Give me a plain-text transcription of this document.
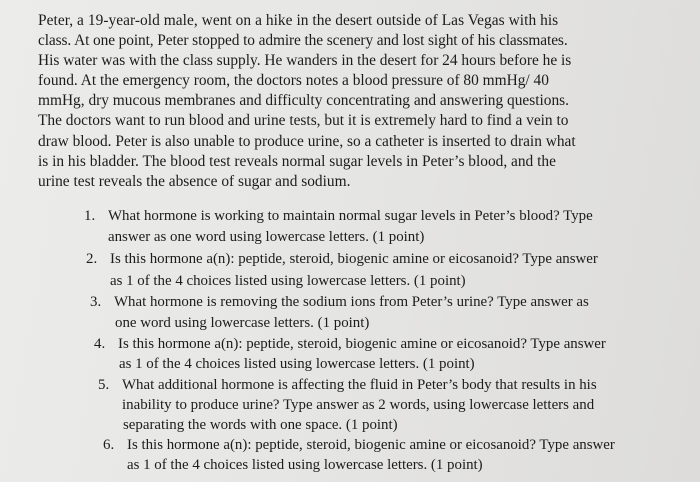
Peter, a 19-year-old male, went on a hike in the desert outside of Las Vegas with his
class. At one point, Peter stopped to admire the scenery and lost sight of his classmates.
His water was with the class supply. He wanders in the desert for 24 hours before he is
found. At the emergency room, the doctors notes a blood pressure of 80 mmHg/ 40
mmHg, dry mucous membranes and difficulty concentrating and answering questions.
The doctors want to run blood and urine tests, but it is extremely hard to find a vein to
draw blood. Peter is also unable to produce urine, so a catheter is inserted to drain what
is in his bladder. The blood test reveals normal sugar levels in Peter’s blood, and the
urine test reveals the absence of sugar and sodium.
1. What hormone is working to maintain normal sugar levels in Peter’s blood? Type
answer as one word using lowercase letters. (1 point)
2. Is this hormone a(n): peptide, steroid, biogenic amine or eicosanoid? Type answer
as 1 of the 4 choices listed using lowercase letters. (1 point)
3. What hormone is removing the sodium ions from Peter’s urine? Type answer as
one word using lowercase letters. (1 point)
4. Is this hormone a(n): peptide, steroid, biogenic amine or eicosanoid? Type answer
as 1 of the 4 choices listed using lowercase letters. (1 point)
5. What additional hormone is affecting the fluid in Peter’s body that results in his
inability to produce urine? Type answer as 2 words, using lowercase letters and
separating the words with one space. (1 point)
6. Is this hormone a(n): peptide, steroid, biogenic amine or eicosanoid? Type answer
as 1 of the 4 choices listed using lowercase letters. (1 point)
